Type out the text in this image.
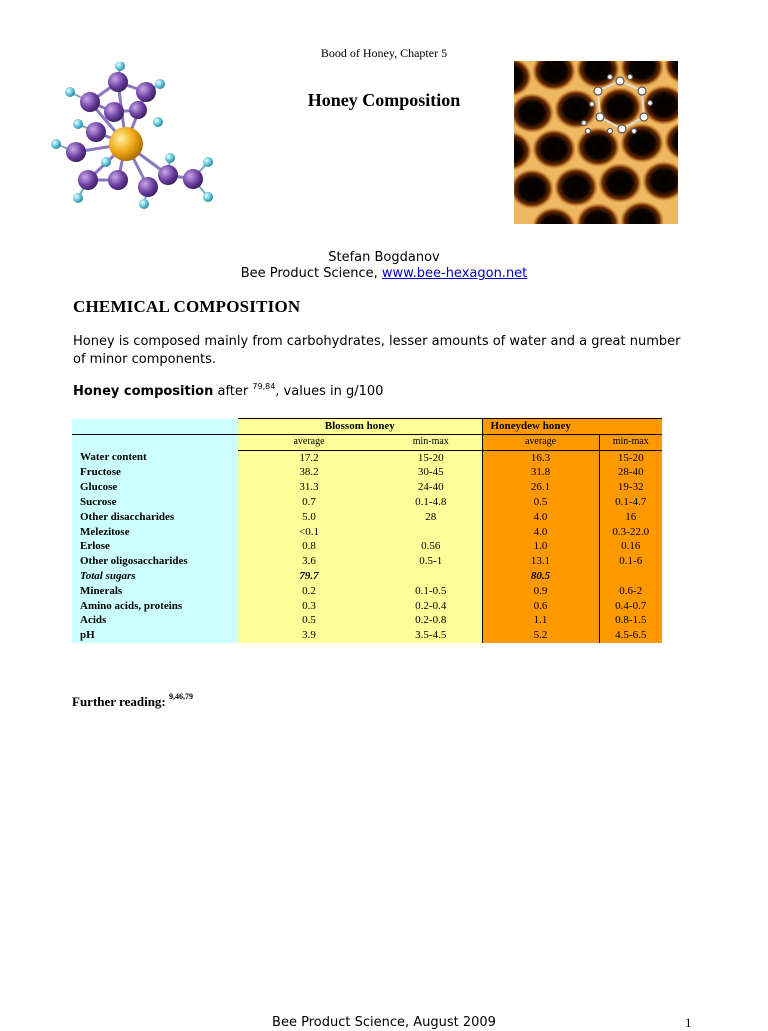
Bood of Honey, Chapter 5
Honey Composition
Stefan Bogdanov
Bee Product Science, www.bee-hexagon.net
CHEMICAL COMPOSITION
Honey is composed mainly from carbohydrates, lesser amounts of water and a great number of minor components.
Honey composition after $^{79,84}$, values in g/100
	Blossom honey		Honeydew honey	
	average	min-max	average	min-max
Water content	17.2	15-20	16.3	15-20
Fructose	38.2	30-45	31.8	28-40
Glucose	31.3	24-40	26.1	19-32
Sucrose	0.7	0.1-4.8	0.5	0.1-4.7
Other disaccharides	5.0	28	4.0	16
Melezitose	<0.1		4.0	0.3-22.0
Erlose	0.8	0.56	1.0	0.16
Other oligosaccharides	3.6	0.5-1	13.1	0.1-6
Total sugars	79.7		80.5	
Minerals	0.2	0.1-0.5	0.9	0.6-2
Amino acids, proteins	0.3	0.2-0.4	0.6	0.4-0.7
Acids	0.5	0.2-0.8	1.1	0.8-1.5
pH	3.9	3.5-4.5	5.2	4.5-6.5
Further reading: $^{9,46,79}$
Bee Product Science, August 2009	1
